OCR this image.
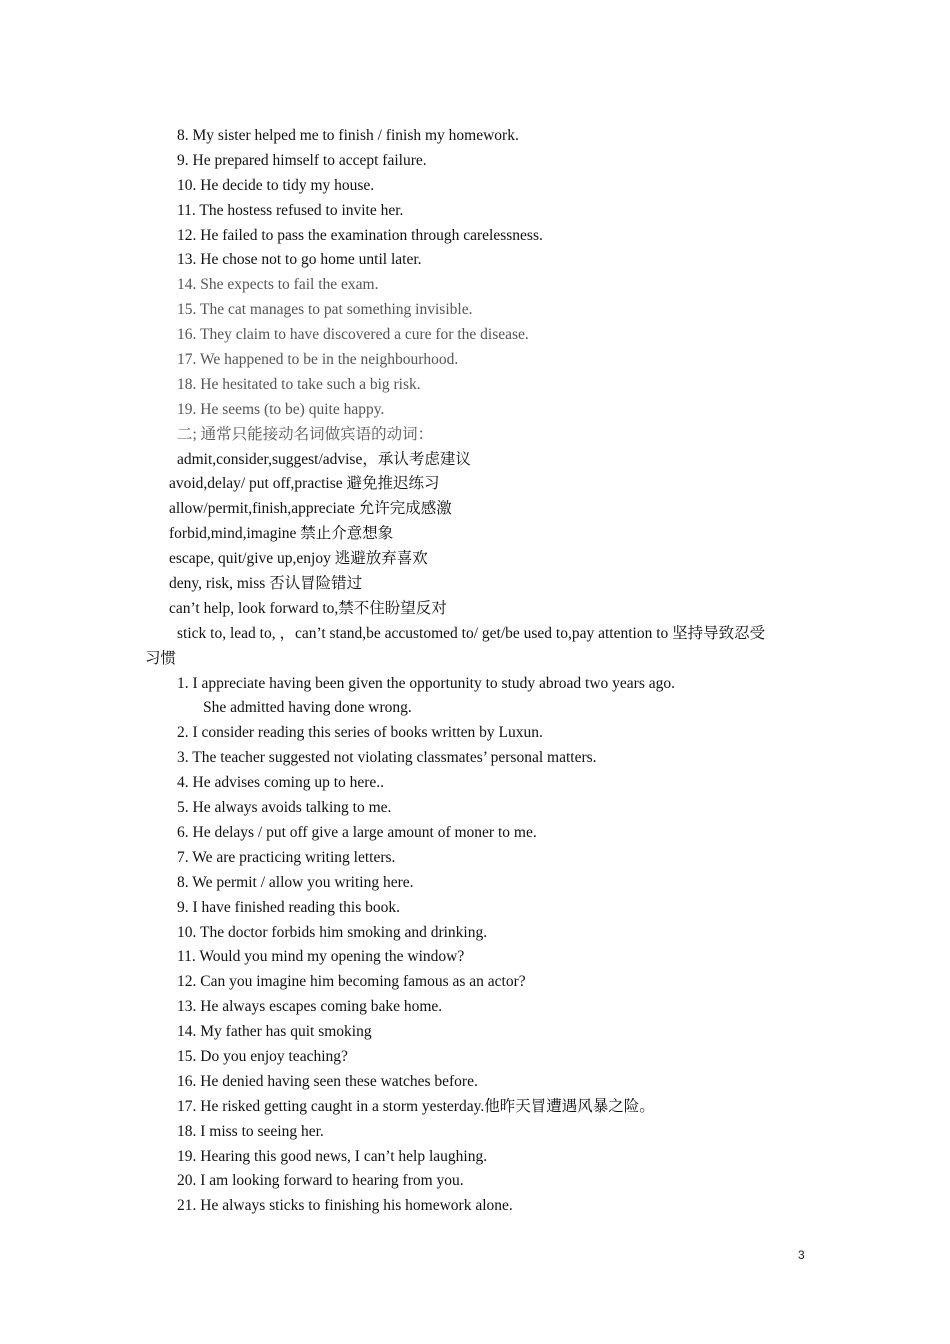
8. My sister helped me to finish / finish my homework.
9. He prepared himself to accept failure.
10. He decide to tidy my house.
11. The hostess refused to invite her.
12. He failed to pass the examination through carelessness.
13. He chose not to go home until later.
14. She expects to fail the exam.
15. The cat manages to pat something invisible.
16. They claim to have discovered a cure for the disease.
17. We happened to be in the neighbourhood.
18. He hesitated to take such a big risk.
19. He seems (to be) quite happy.
二; 通常只能接动名词做宾语的动词：
admit,consider,suggest/advise，承认考虑建议
avoid,delay/ put off,practise 避免推迟练习
allow/permit,finish,appreciate 允许完成感激
forbid,mind,imagine 禁止介意想象
escape, quit/give up,enjoy 逃避放弃喜欢
deny, risk, miss 否认冒险错过
can’t help, look forward to,禁不住盼望反对
stick to, lead to, ，can’t stand,be accustomed to/ get/be used to,pay attention to 坚持导致忍受
习惯
1. I appreciate having been given the opportunity to study abroad two years ago.
She admitted having done wrong.
2. I consider reading this series of books written by Luxun.
3. The teacher suggested not violating classmates’ personal matters.
4. He advises coming up to here..
5. He always avoids talking to me.
6. He delays / put off give a large amount of moner to me.
7. We are practicing writing letters.
8. We permit / allow you writing here.
9. I have finished reading this book.
10. The doctor forbids him smoking and drinking.
11. Would you mind my opening the window?
12. Can you imagine him becoming famous as an actor?
13. He always escapes coming bake home.
14. My father has quit smoking
15. Do you enjoy teaching?
16. He denied having seen these watches before.
17. He risked getting caught in a storm yesterday.他昨天冒遭遇风暴之险。
18. I miss to seeing her.
19. Hearing this good news, I can’t help laughing.
20. I am looking forward to hearing from you.
21. He always sticks to finishing his homework alone.
3
